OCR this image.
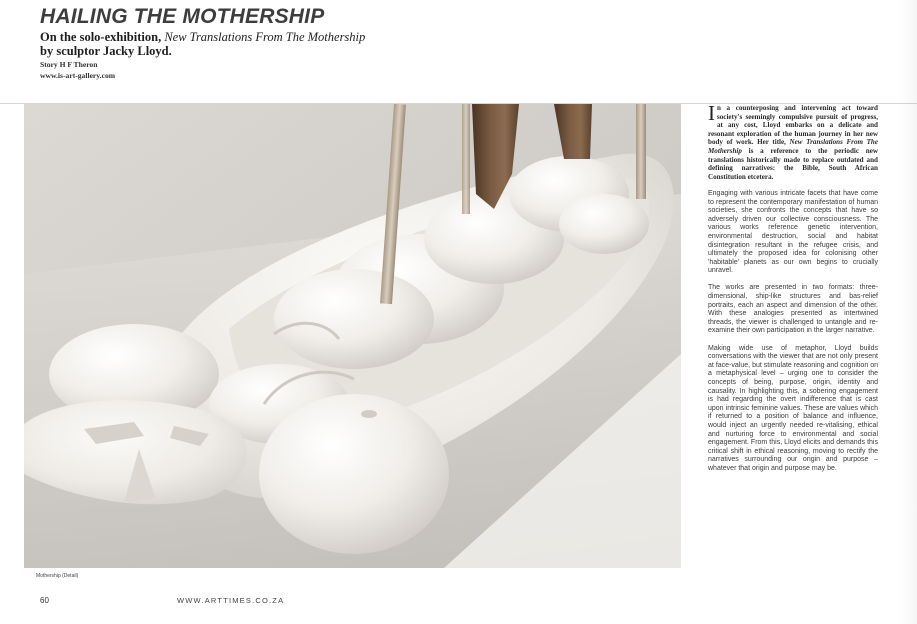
HAILING THE MOTHERSHIP
On the solo-exhibition, New Translations From The Mothership
by sculptor Jacky Lloyd.
Story H F Theron
www.is-art-gallery.com
Mothership (Detail)

In a counterposing and intervening act toward society's seemingly compulsive pursuit of progress, at any cost, Lloyd embarks on a delicate and resonant exploration of the human journey in her new body of work. Her title, New Translations From The Mothership is a reference to the periodic new translations historically made to replace outdated and defining narratives: the Bible, South African Constitution etcetera.

Engaging with various intricate facets that have come to represent the contemporary manifestation of human societies, she confronts the concepts that have so adversely driven our collective consciousness. The various works reference genetic intervention, environmental destruction, social and habitat disintegration resultant in the refugee crisis, and ultimately the proposed idea for colonising other 'habitable' planets as our own begins to crucially unravel.

The works are presented in two formats: three-dimensional, ship-like structures and bas-relief portraits, each an aspect and dimension of the other. With these analogies presented as intertwined threads, the viewer is challenged to untangle and re-examine their own participation in the larger narrative.

Making wide use of metaphor, Lloyd builds conversations with the viewer that are not only present at face-value, but stimulate reasoning and cognition on a metaphysical level – urging one to consider the concepts of being, purpose, origin, identity and causality. In highlighting this, a sobering engagement is had regarding the overt indifference that is cast upon intrinsic feminine values. These are values which if returned to a position of balance and influence, would inject an urgently needed re-vitalising, ethical and nurturing force to environmental and social engagement. From this, Lloyd elicits and demands this critical shift in ethical reasoning, moving to rectify the narratives surrounding our origin and purpose – whatever that origin and purpose may be.

60	WWW.ARTTIMES.CO.ZA
